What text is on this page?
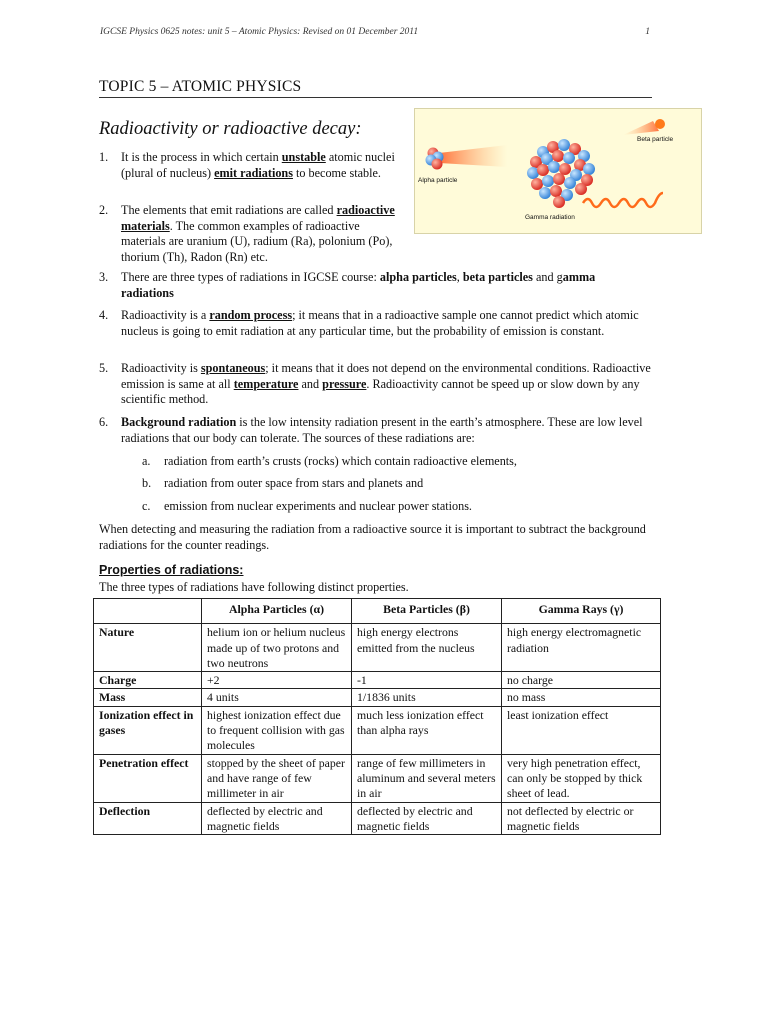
IGCSE Physics 0625 notes: unit 5 – Atomic Physics: Revised on 01 December 2011	1
TOPIC 5 – ATOMIC PHYSICS
Radioactivity or radioactive decay:
Beta particle
Alpha particle
Gamma radiation
1.	It is the process in which certain unstable atomic nuclei (plural of nucleus) emit radiations to become stable.
2.	The elements that emit radiations are called radioactive materials. The common examples of radioactive materials are uranium (U), radium (Ra), polonium (Po), thorium (Th), Radon (Rn) etc.
3.	There are three types of radiations in IGCSE course: alpha particles, beta particles and gamma radiations
4.	Radioactivity is a random process; it means that in a radioactive sample one cannot predict which atomic nucleus is going to emit radiation at any particular time, but the probability of emission is constant.
5.	Radioactivity is spontaneous; it means that it does not depend on the environmental conditions. Radioactive emission is same at all temperature and pressure. Radioactivity cannot be speed up or slow down by any scientific method.
6.	Background radiation is the low intensity radiation present in the earth’s atmosphere. These are low level radiations that our body can tolerate. The sources of these radiations are:
a. radiation from earth’s crusts (rocks) which contain radioactive elements,
b. radiation from outer space from stars and planets and
c. emission from nuclear experiments and nuclear power stations.
When detecting and measuring the radiation from a radioactive source it is important to subtract the background radiations for the counter readings.
Properties of radiations:
The three types of radiations have following distinct properties.
	Alpha Particles (α)	Beta Particles (β)	Gamma Rays (γ)
Nature	helium ion or helium nucleus made up of two protons and two neutrons	high energy electrons emitted from the nucleus	high energy electromagnetic radiation
Charge	+2	-1	no charge
Mass	4 units	1/1836 units	no mass
Ionization effect in gases	highest ionization effect due to frequent collision with gas molecules	much less ionization effect than alpha rays	least ionization effect
Penetration effect	stopped by the sheet of paper and have range of few millimeter in air	range of few millimeters in aluminum and several meters in air	very high penetration effect, can only be stopped by thick sheet of lead.
Deflection	deflected by electric and magnetic fields	deflected by electric and magnetic fields	not deflected by electric or magnetic fields
